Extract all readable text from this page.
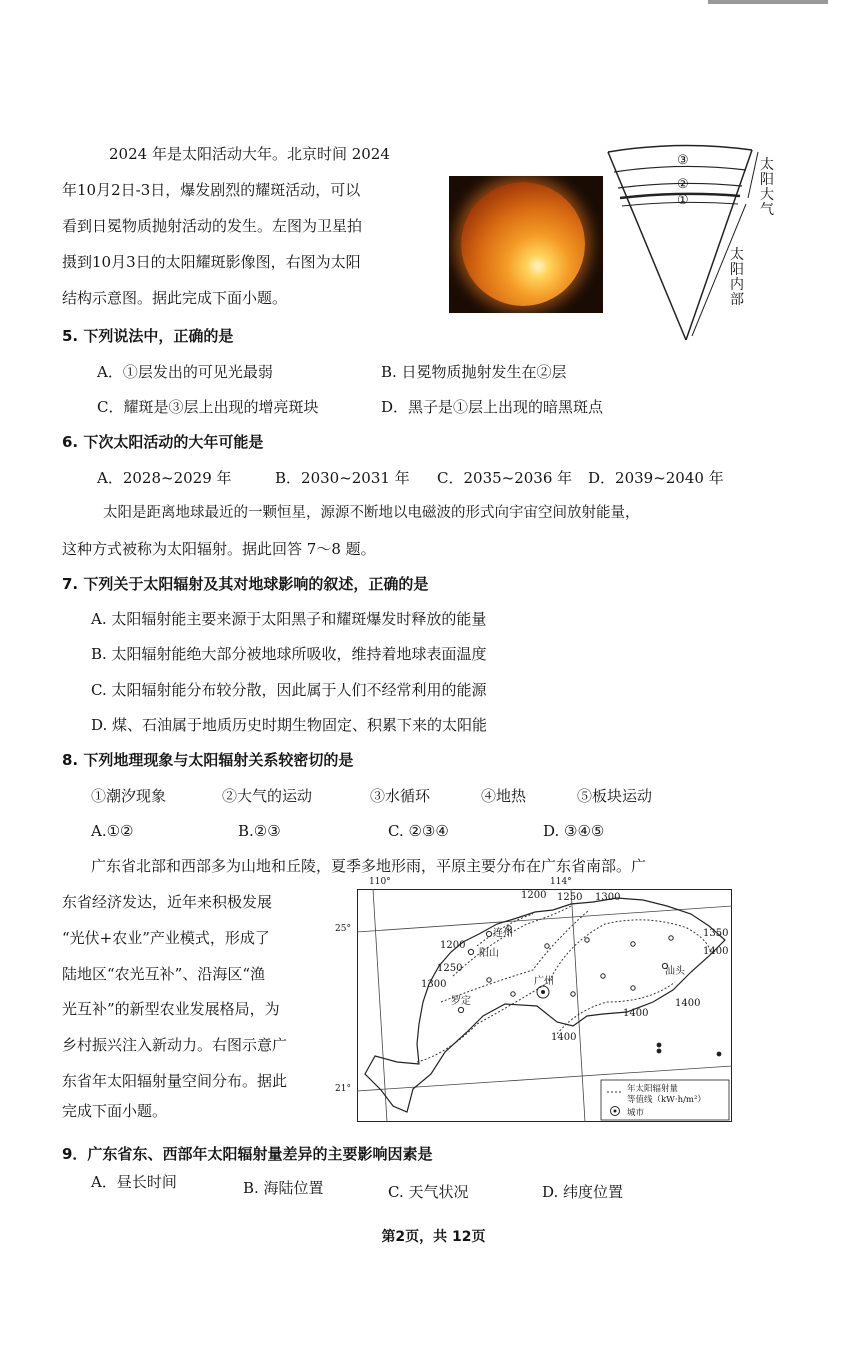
2024 年是太阳活动大年。北京时间 2024
年10月2日-3日，爆发剧烈的耀斑活动，可以
看到日冕物质抛射活动的发生。左图为卫星拍
摄到10月3日的太阳耀斑影像图，右图为太阳
结构示意图。据此完成下面小题。
③
②
①
太阳大气
太阳内部
5. 下列说法中，正确的是
A．①层发出的可见光最弱	B. 日冕物质抛射发生在②层
C．耀斑是③层上出现的增亮斑块	D．黑子是①层上出现的暗黑斑点
6. 下次太阳活动的大年可能是
A．2028~2029 年	B．2030~2031 年 C．2035~2036 年 D．2039~2040 年
太阳是距离地球最近的一颗恒星，源源不断地以电磁波的形式向宇宙空间放射能量，
这种方式被称为太阳辐射。据此回答 7～8 题。
7. 下列关于太阳辐射及其对地球影响的叙述，正确的是
A. 太阳辐射能主要来源于太阳黑子和耀斑爆发时释放的能量
B. 太阳辐射能绝大部分被地球所吸收，维持着地球表面温度
C. 太阳辐射能分布较分散，因此属于人们不经常利用的能源
D. 煤、石油属于地质历史时期生物固定、积累下来的太阳能
8. 下列地理现象与太阳辐射关系较密切的是
①潮汐现象	②大气的运动	③水循环	④地热	⑤板块运动
A.①②	B.②③	C. ②③④	D. ③④⑤
广东省北部和西部多为山地和丘陵，夏季多地形雨，平原主要分布在广东省南部。广
东省经济发达，近年来积极发展
“光伏+农业”产业模式，形成了
陆地区“农光互补”、沿海区“渔
光互补”的新型农业发展格局，为
乡村振兴注入新动力。右图示意广
东省年太阳辐射量空间分布。据此
完成下面小题。
110°	114°
25°
21°
1200 1250 1300
1200
1250
1300
1350
1400
1400
1400
1400
连州
阳山
广州
罗定
汕头
年太阳辐射量
等值线（kW·h/m²）
城市
9．广东省东、西部年太阳辐射量差异的主要影响因素是
A．昼长时间	B. 海陆位置	C. 天气状况	D. 纬度位置
第2页，共 12页
